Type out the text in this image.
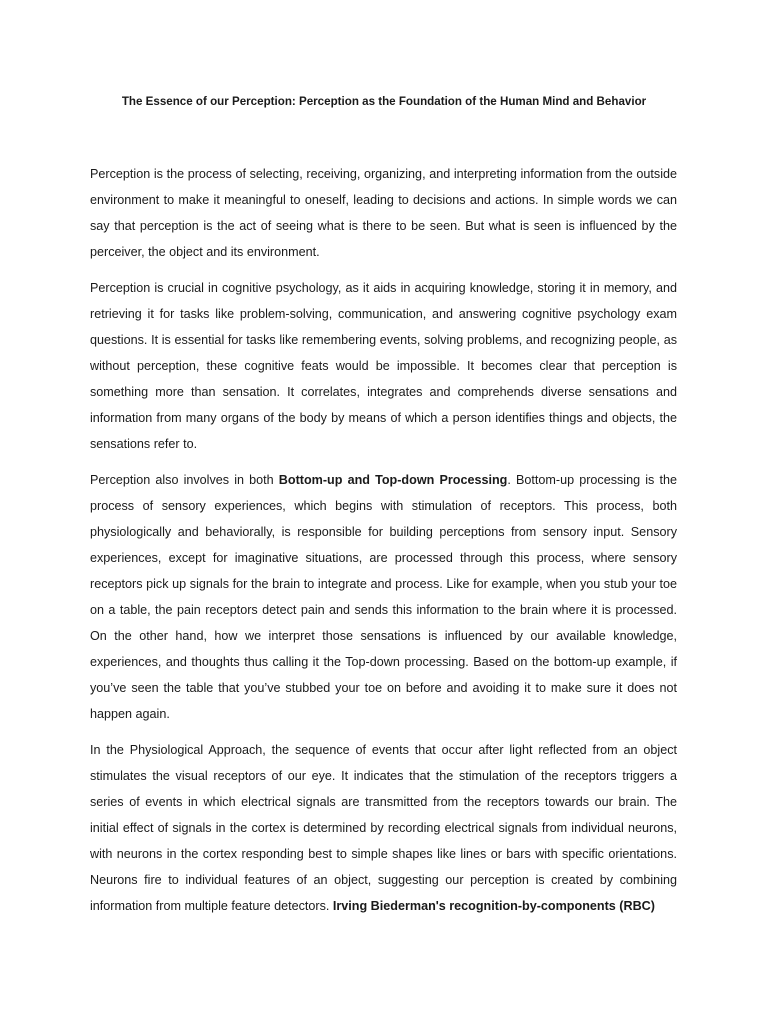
The Essence of our Perception: Perception as the Foundation of the Human Mind and Behavior

Perception is the process of selecting, receiving, organizing, and interpreting information from the outside environment to make it meaningful to oneself, leading to decisions and actions. In simple words we can say that perception is the act of seeing what is there to be seen. But what is seen is influenced by the perceiver, the object and its environment.

Perception is crucial in cognitive psychology, as it aids in acquiring knowledge, storing it in memory, and retrieving it for tasks like problem-solving, communication, and answering cognitive psychology exam questions. It is essential for tasks like remembering events, solving problems, and recognizing people, as without perception, these cognitive feats would be impossible. It becomes clear that perception is something more than sensation. It correlates, integrates and comprehends diverse sensations and information from many organs of the body by means of which a person identifies things and objects, the sensations refer to.

Perception also involves in both Bottom-up and Top-down Processing. Bottom-up processing is the process of sensory experiences, which begins with stimulation of receptors. This process, both physiologically and behaviorally, is responsible for building perceptions from sensory input. Sensory experiences, except for imaginative situations, are processed through this process, where sensory receptors pick up signals for the brain to integrate and process. Like for example, when you stub your toe on a table, the pain receptors detect pain and sends this information to the brain where it is processed. On the other hand, how we interpret those sensations is influenced by our available knowledge, experiences, and thoughts thus calling it the Top-down processing. Based on the bottom-up example, if you’ve seen the table that you’ve stubbed your toe on before and avoiding it to make sure it does not happen again.

In the Physiological Approach, the sequence of events that occur after light reflected from an object stimulates the visual receptors of our eye. It indicates that the stimulation of the receptors triggers a series of events in which electrical signals are transmitted from the receptors towards our brain. The initial effect of signals in the cortex is determined by recording electrical signals from individual neurons, with neurons in the cortex responding best to simple shapes like lines or bars with specific orientations. Neurons fire to individual features of an object, suggesting our perception is created by combining information from multiple feature detectors. Irving Biederman's recognition-by-components (RBC)
